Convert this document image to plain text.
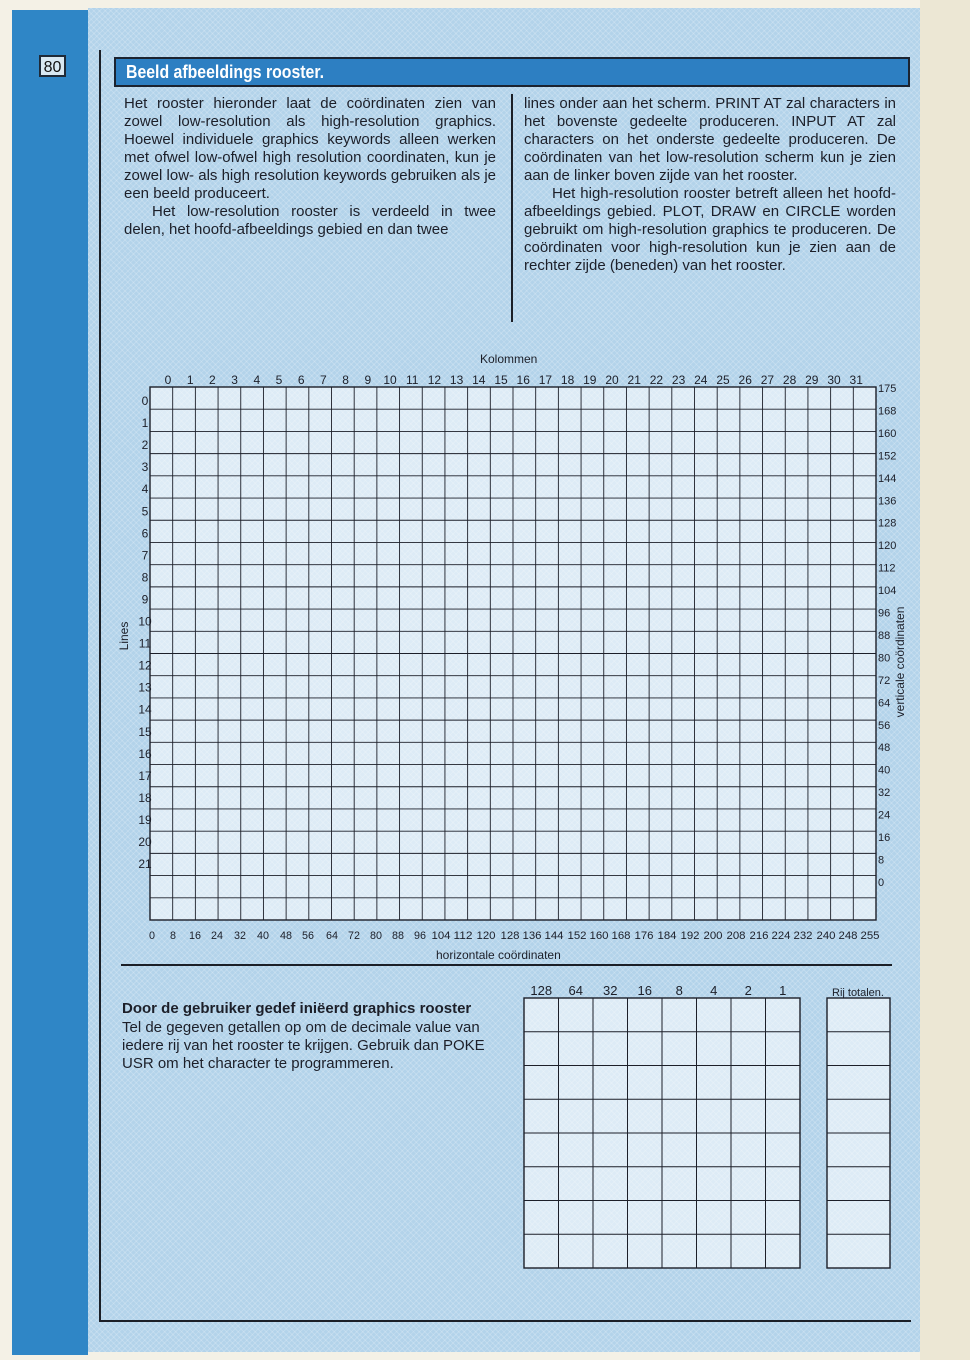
80	Beeld afbeeldings rooster.

Het rooster hieronder laat de coördinaten zien van zowel low-resolution als high-resolution graphics. Hoewel individuele graphics keywords alleen werken met ofwel low-ofwel high resolution coordinaten, kun je zowel low- als high resolution keywords gebruiken als je een beeld produceert.

Het low-resolution rooster is verdeeld in twee delen, het hoofd-afbeeldings gebied en dan twee

lines onder aan het scherm. PRINT AT zal characters in het bovenste gedeelte produceren. INPUT AT zal characters on het onderste gedeelte produceren. De coördinaten van het low-resolution scherm kun je zien aan de linker boven zijde van het rooster.

Het high-resolution rooster betreft alleen het hoofd-afbeeldings gebied. PLOT, DRAW en CIRCLE worden gebruikt om high-resolution graphics te produceren. De coördinaten voor high-resolution kun je zien aan de rechter zijde (beneden) van het rooster.

0 1 2 3 4 5 6 7 8 9 10 11 12 13 14 15 16 17 18 19 20 21 22 23 24 25 26 27 28 29 30 31
0
1
2
3
4
5
6
7
8
9
10
11
12
13
14
15
16
17
18
19
20
21
175
168
160
152
144
136
128
120
112
104
96
88
80
72
64
56
48
40
32
24
16
8
0
0 8 16 24 32 40 48 56 64 72 80 88 96 104 112 120 128 136 144 152 160 168 176 184 192 200 208 216 224 232 240 248 255
Lines	verticale coördinaten
128 64 32 16 8 4 2 1	Rij totalen.
Kolommen
horizontale coördinaten
Door de gebruiker gedef iniëerd graphics rooster
Tel de gegeven getallen op om de decimale value van iedere rij van het rooster te krijgen. Gebruik dan POKE USR om het character te programmeren.
